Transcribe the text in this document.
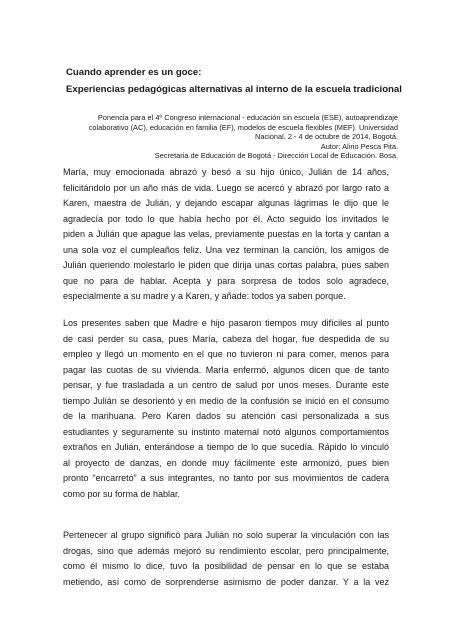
Cuando aprender es un goce:

Experiencias pedagógicas alternativas al interno de la escuela tradicional

Ponencia para el 4º Congreso internacional - educación sin escuela (ESE), autoaprendizaje
colaborativo (AC), educación en familia (EF), modelos de escuela flexibles (MEF). Universidad
Nacional. 2 - 4 de octubre de 2014, Bogotá.
Autor: Alirio Pesca Pita.
Secretaria de Educación de Bogotá - Dirección Local de Educación. Bosa.
María, muy emocionada abrazó y besó a su hijo único, Julián de 14 años,
felicitándolo por un año más de vida. Luego se acercó y abrazó por largo rato a
Karen, maestra de Julián, y dejando escapar algunas lágrimas le dijo que le
agradecía por todo lo que había hecho por él. Acto seguido los invitados le
piden a Julián que apague las velas, previamente puestas en la torta y cantan a
una sola voz el cumpleaños feliz. Una vez terminan la canción, los amigos de
Julián queriendo molestarlo le piden que dirija unas cortas palabra, pues saben
que no para de hablar. Acepta y para sorpresa de todos solo agradece,
especialmente a su madre y a Karen, y añade: todos ya saben porque.
Los presentes saben que Madre e hijo pasaron tiempos muy difíciles al punto
de casi perder su casa, pues María, cabeza del hogar, fue despedida de su
empleo y llegó un momento en el que no tuvieron ni para comer, menos para
pagar las cuotas de su vivienda. María enfermó, algunos dicen que de tanto
pensar, y fue trasladada a un centro de salud por unos meses. Durante este
tiempo Julián se desorientó y en medio de la confusión se inició en el consumo
de la marihuana. Pero Karen dados su atención casi personalizada a sus
estudiantes y seguramente su instinto maternal notó algunos comportamientos
extraños en Julián, enterándose a tiempo de lo que sucedía. Rápido lo vinculó
al proyecto de danzas, en donde muy fácilmente este armonizó, pues bien
pronto “encarretó” a sus integrantes, no tanto por sus movimientos de cadera
como por su forma de hablar.
Pertenecer al grupo significó para Julián no solo superar la vinculación con las
drogas, sino que además mejoró su rendimiento escolar, pero principalmente,
como él mismo lo dice, tuvo la posibilidad de pensar en lo que se estaba
metiendo, así como de sorprenderse asimismo de poder danzar. Y a la vez
